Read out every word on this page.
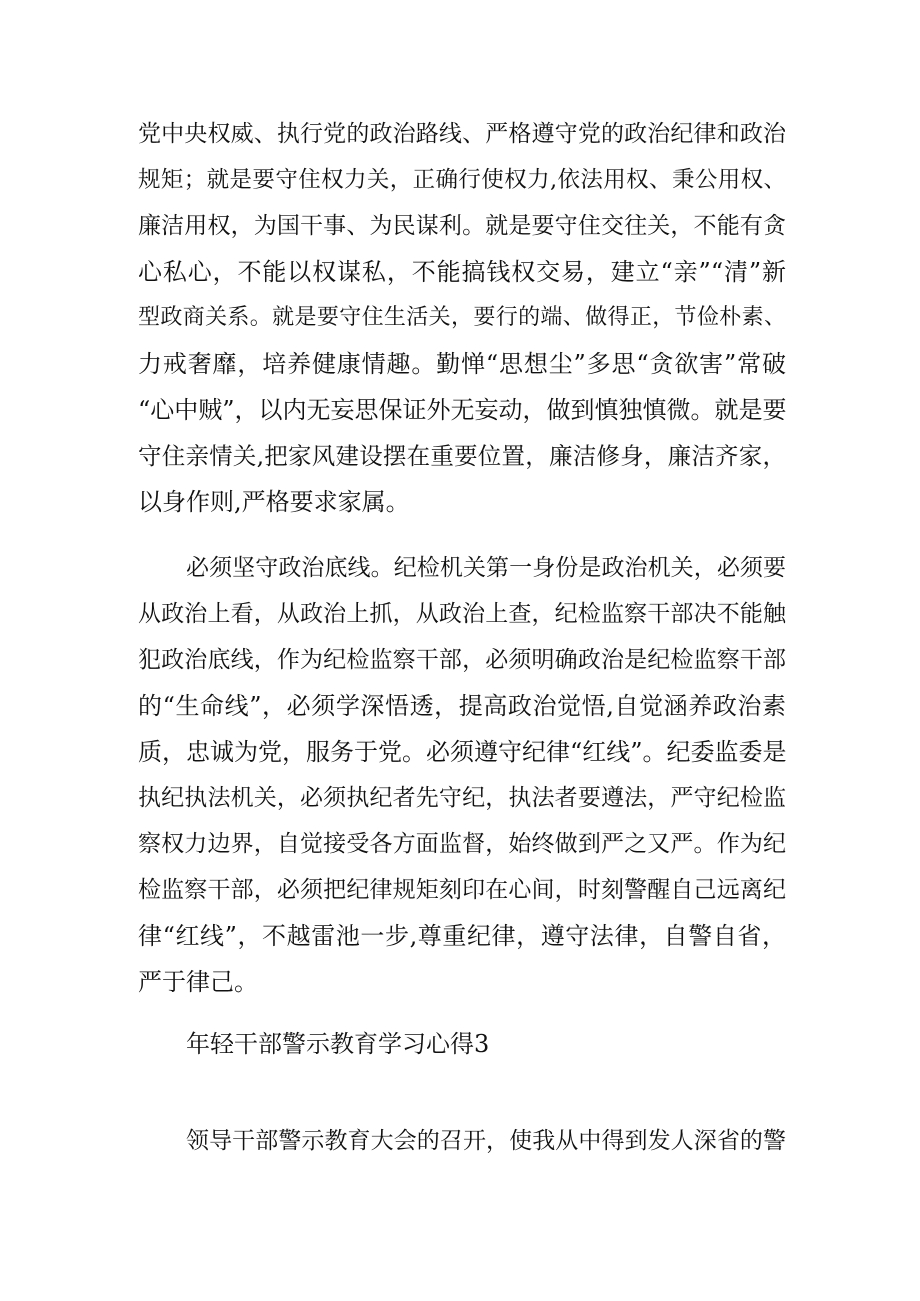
党中央权威、执行党的政治路线、严格遵守党的政治纪律和政治
规矩；就是要守住权力关，正确行使权力,依法用权、秉公用权、
廉洁用权，为国干事、为民谋利。就是要守住交往关，不能有贪
心私心，不能以权谋私，不能搞钱权交易，建立“亲”“清”新
型政商关系。就是要守住生活关，要行的端、做得正，节俭朴素、
力戒奢靡，培养健康情趣。勤惮“思想尘”多思“贪欲害”常破
“心中贼”，以内无妄思保证外无妄动，做到慎独慎微。就是要
守住亲情关,把家风建设摆在重要位置，廉洁修身，廉洁齐家，
以身作则,严格要求家属。
必须坚守政治底线。纪检机关第一身份是政治机关，必须要
从政治上看，从政治上抓，从政治上查，纪检监察干部决不能触
犯政治底线，作为纪检监察干部，必须明确政治是纪检监察干部
的“生命线”，必须学深悟透，提高政治觉悟,自觉涵养政治素
质，忠诚为党，服务于党。必须遵守纪律“红线”。纪委监委是
执纪执法机关，必须执纪者先守纪，执法者要遵法，严守纪检监
察权力边界，自觉接受各方面监督，始终做到严之又严。作为纪
检监察干部，必须把纪律规矩刻印在心间，时刻警醒自己远离纪
律“红线”，不越雷池一步,尊重纪律，遵守法律，自警自省，
严于律己。
年轻干部警示教育学习心得3
领导干部警示教育大会的召开，使我从中得到发人深省的警
